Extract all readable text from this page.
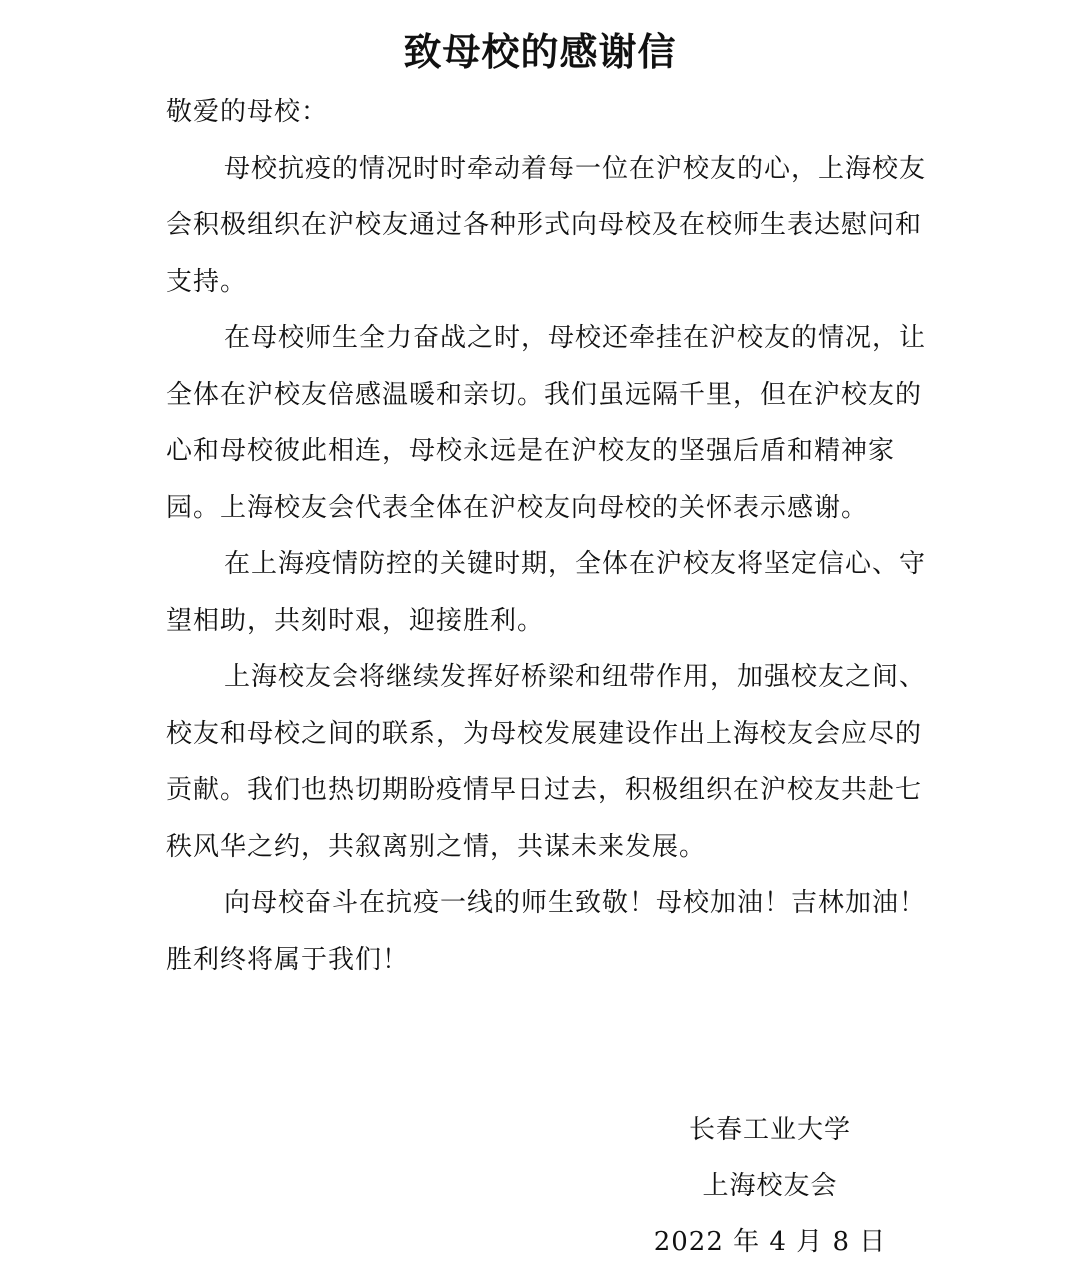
致母校的感谢信

敬爱的母校：

母校抗疫的情况时时牵动着每一位在沪校友的心，上海校友会积极组织在沪校友通过各种形式向母校及在校师生表达慰问和支持。

在母校师生全力奋战之时，母校还牵挂在沪校友的情况，让全体在沪校友倍感温暖和亲切。我们虽远隔千里，但在沪校友的心和母校彼此相连，母校永远是在沪校友的坚强后盾和精神家园。上海校友会代表全体在沪校友向母校的关怀表示感谢。

在上海疫情防控的关键时期，全体在沪校友将坚定信心、守望相助，共刻时艰，迎接胜利。

上海校友会将继续发挥好桥梁和纽带作用，加强校友之间、校友和母校之间的联系，为母校发展建设作出上海校友会应尽的贡献。我们也热切期盼疫情早日过去，积极组织在沪校友共赴七秩风华之约，共叙离别之情，共谋未来发展。

向母校奋斗在抗疫一线的师生致敬！母校加油！吉林加油！胜利终将属于我们！

长春工业大学
上海校友会
2022 年 4 月 8 日
